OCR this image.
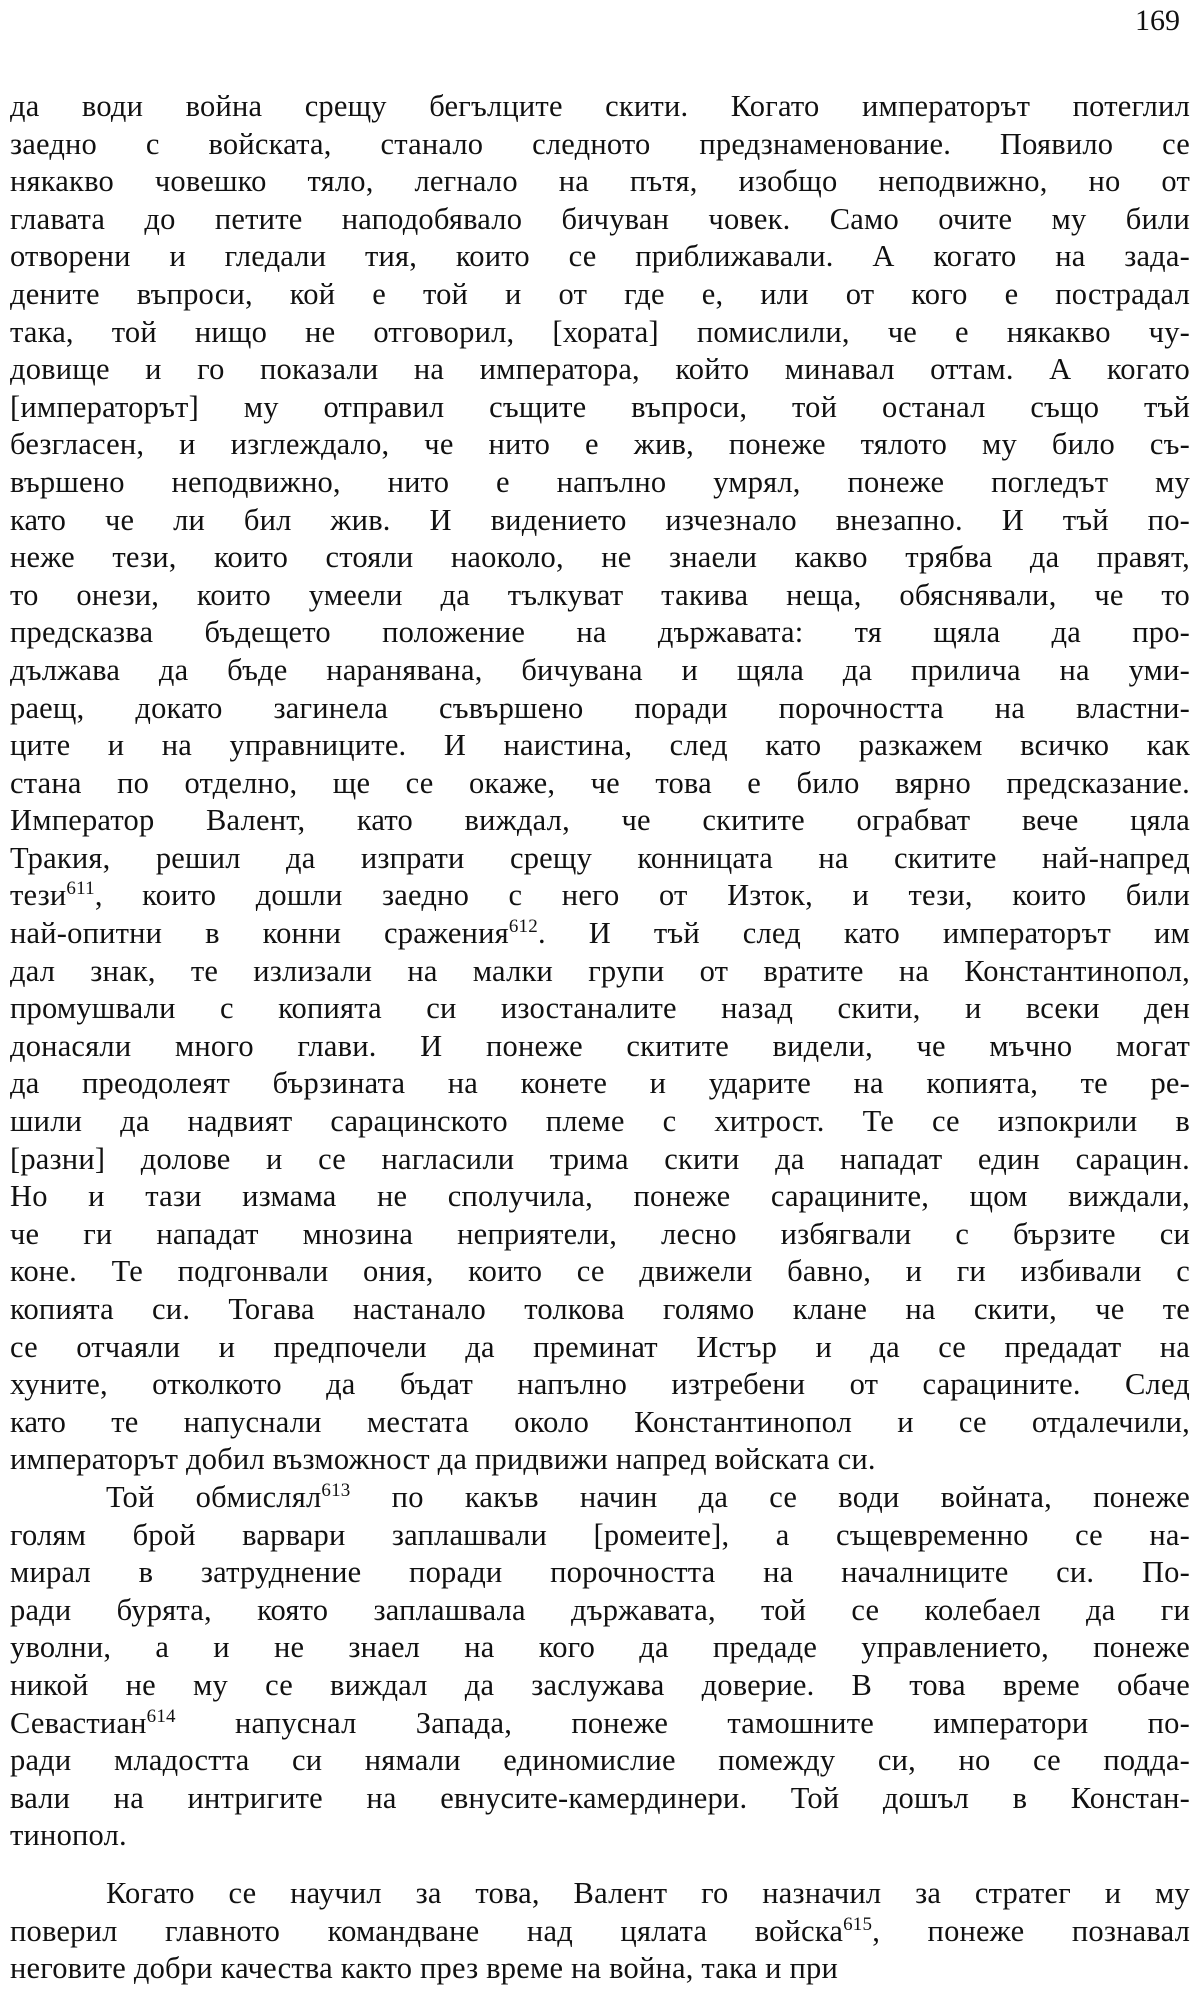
169
да води война срещу бегълците скити. Когато императорът потеглил
заедно с войската, станало следното предзнаменование. Появило се
някакво човешко тяло, легнало на пътя, изобщо неподвижно, но от
главата до петите наподобявало бичуван човек. Само очите му били
отворени и гледали тия, които се приближавали. А когато на зада-
дените въпроси, кой е той и от где е, или от кого е пострадал
така, той нищо не отговорил, [хората] помислили, че е някакво чу-
довище и го показали на императора, който минавал оттам. А когато
[императорът] му отправил същите въпроси, той останал също тъй
безгласен, и изглеждало, че нито е жив, понеже тялото му било съ-
вършено неподвижно, нито е напълно умрял, понеже погледът му
като че ли бил жив. И видението изчезнало внезапно. И тъй по-
неже тези, които стояли наоколо, не знаели какво трябва да правят,
то онези, които умеели да тълкуват такива неща, обяснявали, че то
предсказва бъдещето положение на държавата: тя щяла да про-
дължава да бъде наранявана, бичувана и щяла да прилича на уми-
раещ, докато загинела съвършено поради порочността на властни-
ците и на управниците. И наистина, след като разкажем всичко как
стана по отделно, ще се окаже, че това е било вярно предсказание.
Император Валент, като виждал, че скитите ограбват вече цяла
Тракия, решил да изпрати срещу конницата на скитите най-напред
тези$^{611}$, които дошли заедно с него от Изток, и тези, които били
най-опитни в конни сражения$^{612}$. И тъй след като императорът им
дал знак, те излизали на малки групи от вратите на Константинопол,
промушвали с копията си изостаналите назад скити, и всеки ден
донасяли много глави. И понеже скитите видели, че мъчно могат
да преодолеят бързината на конете и ударите на копията, те ре-
шили да надвият сарацинското племе с хитрост. Те се изпокрили в
[разни] долове и се нагласили трима скити да нападат един сарацин.
Но и тази измама не сполучила, понеже сарацините, щом виждали,
че ги нападат мнозина неприятели, лесно избягвали с бързите си
коне. Те подгонвали ония, които се движели бавно, и ги избивали с
копията си. Тогава настанало толкова голямо клане на скити, че те
се отчаяли и предпочели да преминат Истър и да се предадат на
хуните, отколкото да бъдат напълно изтребени от сарацините. След
като те напуснали местата около Константинопол и се отдалечили,
императорът добил възможност да придвижи напред войската си.
Той обмислял$^{613}$ по какъв начин да се води войната, понеже
голям брой варвари заплашвали [ромеите], а същевременно се на-
мирал в затруднение поради порочността на началниците си. По-
ради бурята, която заплашвала държавата, той се колебаел да ги
уволни, а и не знаел на кого да предаде управлението, понеже
никой не му се виждал да заслужава доверие. В това време обаче
Севастиан$^{614}$ напуснал Запада, понеже тамошните императори по-
ради младостта си нямали единомислие помежду си, но се подда-
вали на интригите на евнусите-камердинери. Той дошъл в Констан-
тинопол.
Когато се научил за това, Валент го назначил за стратег и му
поверил главното командване над цялата войска$^{615}$, понеже познавал
неговите добри качества както през време на война, така и при
